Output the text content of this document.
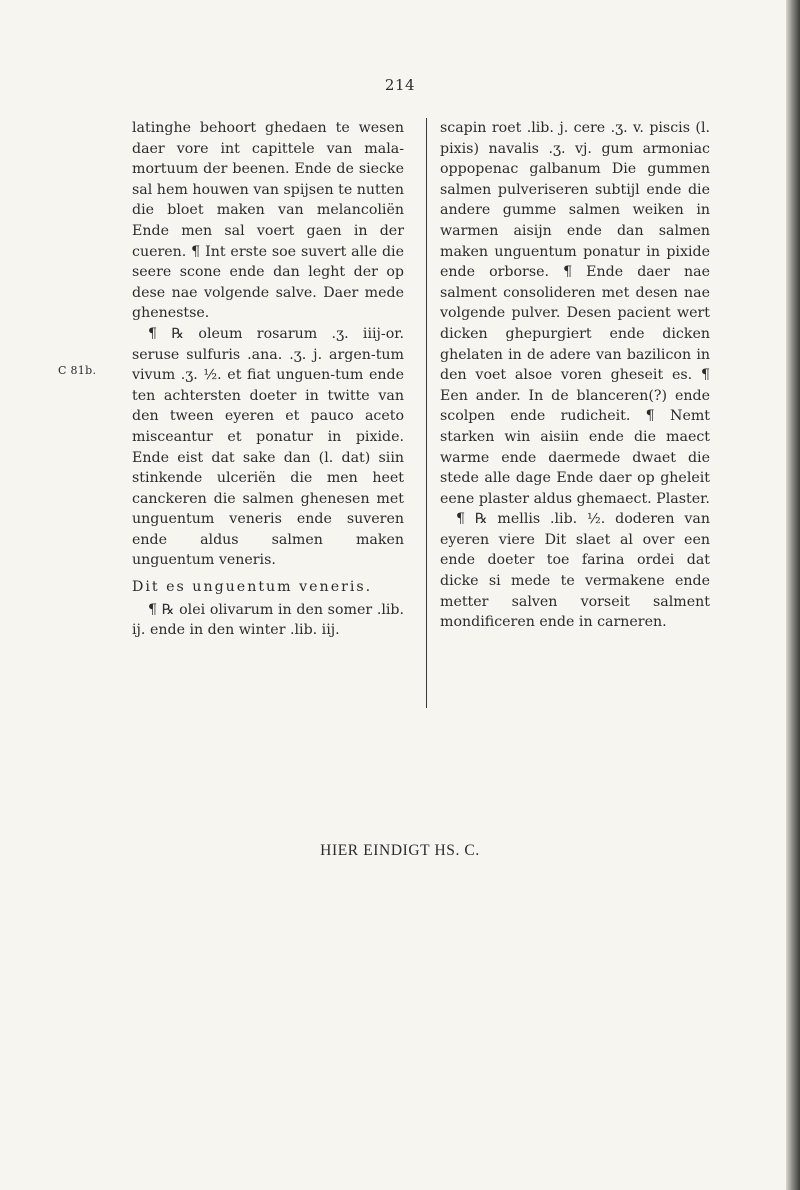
214
C 81b.

latinghe behoort ghedaen te wesen daer vore int capittele van mala-mortuum der beenen. Ende de siecke sal hem houwen van spijsen te nutten die bloet maken van melancoliën Ende men sal voert gaen in der cueren. ¶ Int erste soe suvert alle die seere scone ende dan leght der op dese nae volgende salve. Daer mede ghenestse.

¶ ℞ oleum rosarum .ʒ. iiij-or. seruse sulfuris .ana. .ʒ. j. argen-tum vivum .ʒ. ½. et fiat unguen-tum ende ten achtersten doeter in twitte van den tween eyeren et pauco aceto misceantur et ponatur in pixide. Ende eist dat sake dan (l. dat) siin stinkende ulceriën die men heet canckeren die salmen ghenesen met unguentum veneris ende suveren ende aldus salmen maken unguentum veneris.

Dit es unguentum veneris.

¶ ℞ olei olivarum in den somer .lib. ij. ende in den winter .lib. iij.

scapin roet .lib. j. cere .ʒ. v. piscis (l. pixis) navalis .ʒ. vj. gum armoniac oppopenac galbanum Die gummen salmen pulveriseren subtijl ende die andere gumme salmen weiken in warmen aisijn ende dan salmen maken unguentum ponatur in pixide ende orborse. ¶ Ende daer nae salment consolideren met desen nae volgende pulver. Desen pacient wert dicken ghepurgiert ende dicken ghelaten in de adere van bazilicon in den voet alsoe voren gheseit es. ¶ Een ander. In de blanceren(?) ende scolpen ende rudicheit. ¶ Nemt starken win aisiin ende die maect warme ende daermede dwaet die stede alle dage Ende daer op gheleit eene plaster aldus ghemaect. Plaster.

¶ ℞ mellis .lib. ½. doderen van eyeren viere Dit slaet al over een ende doeter toe farina ordei dat dicke si mede te vermakene ende metter salven vorseit salment mondificeren ende in carneren.

HIER EINDIGT HS. C.
